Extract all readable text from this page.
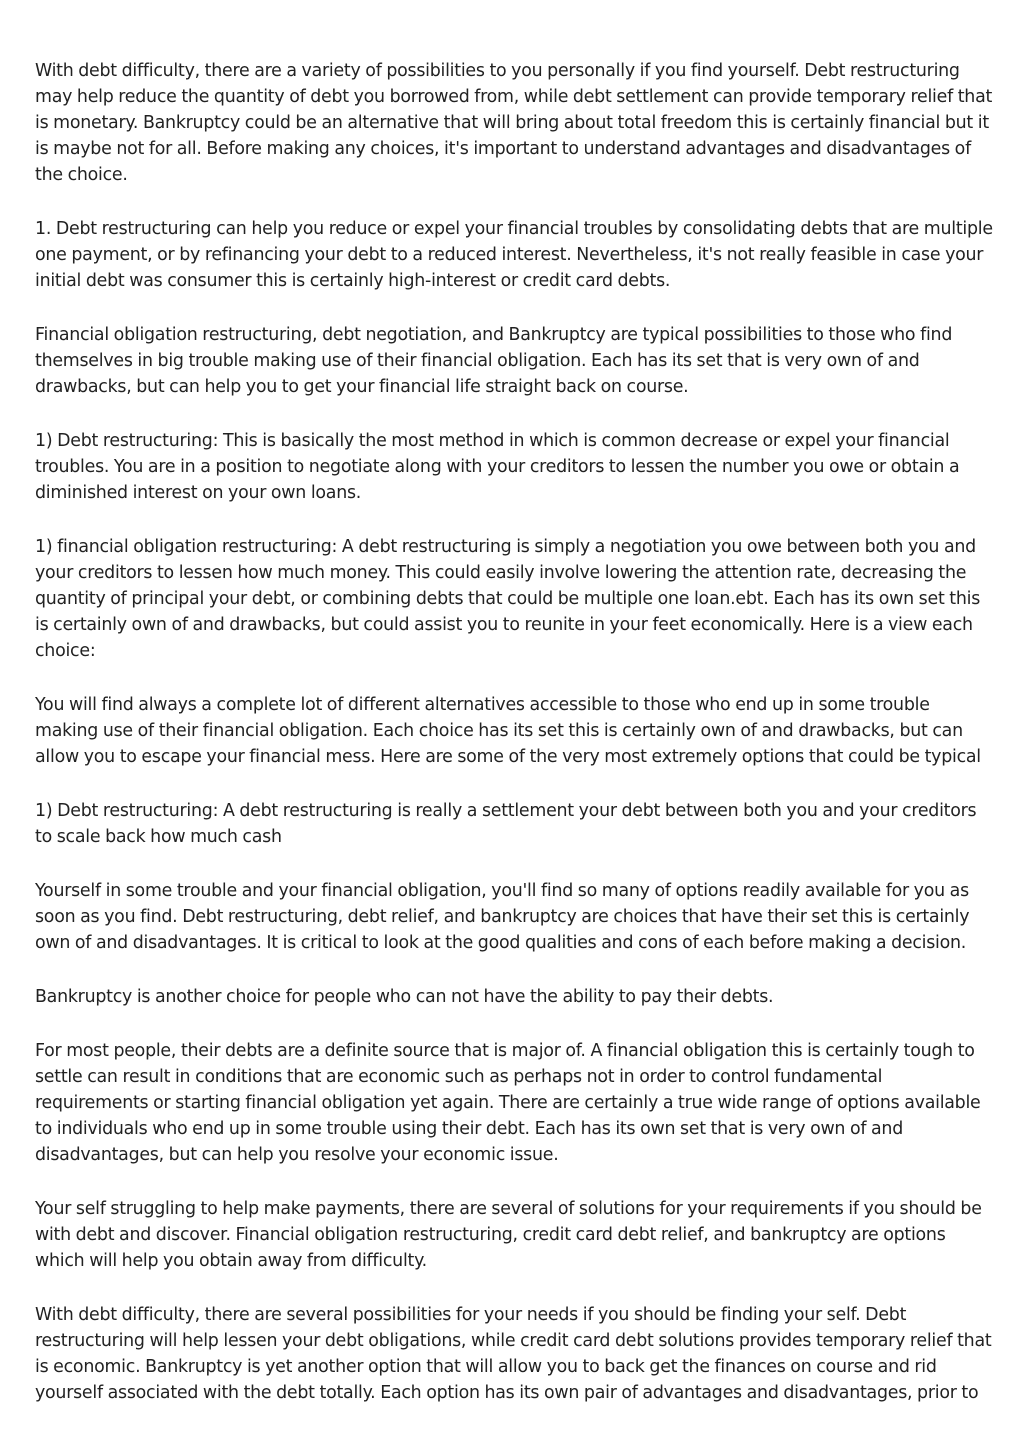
With debt difficulty, there are a variety of possibilities to you personally if you find yourself. Debt restructuring may help reduce the quantity of debt you borrowed from, while debt settlement can provide temporary relief that is monetary. Bankruptcy could be an alternative that will bring about total freedom this is certainly financial but it is maybe not for all. Before making any choices, it's important to understand advantages and disadvantages of the choice.

1. Debt restructuring can help you reduce or expel your financial troubles by consolidating debts that are multiple one payment, or by refinancing your debt to a reduced interest. Nevertheless, it's not really feasible in case your initial debt was consumer this is certainly high-interest or credit card debts.

Financial obligation restructuring, debt negotiation, and Bankruptcy are typical possibilities to those who find themselves in big trouble making use of their financial obligation. Each has its set that is very own of and drawbacks, but can help you to get your financial life straight back on course.

1) Debt restructuring: This is basically the most method in which is common decrease or expel your financial troubles. You are in a position to negotiate along with your creditors to lessen the number you owe or obtain a diminished interest on your own loans.

1) financial obligation restructuring: A debt restructuring is simply a negotiation you owe between both you and your creditors to lessen how much money. This could easily involve lowering the attention rate, decreasing the quantity of principal your debt, or combining debts that could be multiple one loan.ebt. Each has its own set this is certainly own of and drawbacks, but could assist you to reunite in your feet economically. Here is a view each choice:

You will find always a complete lot of different alternatives accessible to those who end up in some trouble making use of their financial obligation. Each choice has its set this is certainly own of and drawbacks, but can allow you to escape your financial mess. Here are some of the very most extremely options that could be typical

1) Debt restructuring: A debt restructuring is really a settlement your debt between both you and your creditors to scale back how much cash

Yourself in some trouble and your financial obligation, you'll find so many of options readily available for you as soon as you find. Debt restructuring, debt relief, and bankruptcy are choices that have their set this is certainly own of and disadvantages. It is critical to look at the good qualities and cons of each before making a decision.

Bankruptcy is another choice for people who can not have the ability to pay their debts.

For most people, their debts are a definite source that is major of. A financial obligation this is certainly tough to settle can result in conditions that are economic such as perhaps not in order to control fundamental requirements or starting financial obligation yet again. There are certainly a true wide range of options available to individuals who end up in some trouble using their debt. Each has its own set that is very own of and disadvantages, but can help you resolve your economic issue.

Your self struggling to help make payments, there are several of solutions for your requirements if you should be with debt and discover. Financial obligation restructuring, credit card debt relief, and bankruptcy are options which will help you obtain away from difficulty.

With debt difficulty, there are several possibilities for your needs if you should be finding your self. Debt restructuring will help lessen your debt obligations, while credit card debt solutions provides temporary relief that is economic. Bankruptcy is yet another option that will allow you to back get the finances on course and rid yourself associated with the debt totally. Each option has its own pair of advantages and disadvantages, prior to
